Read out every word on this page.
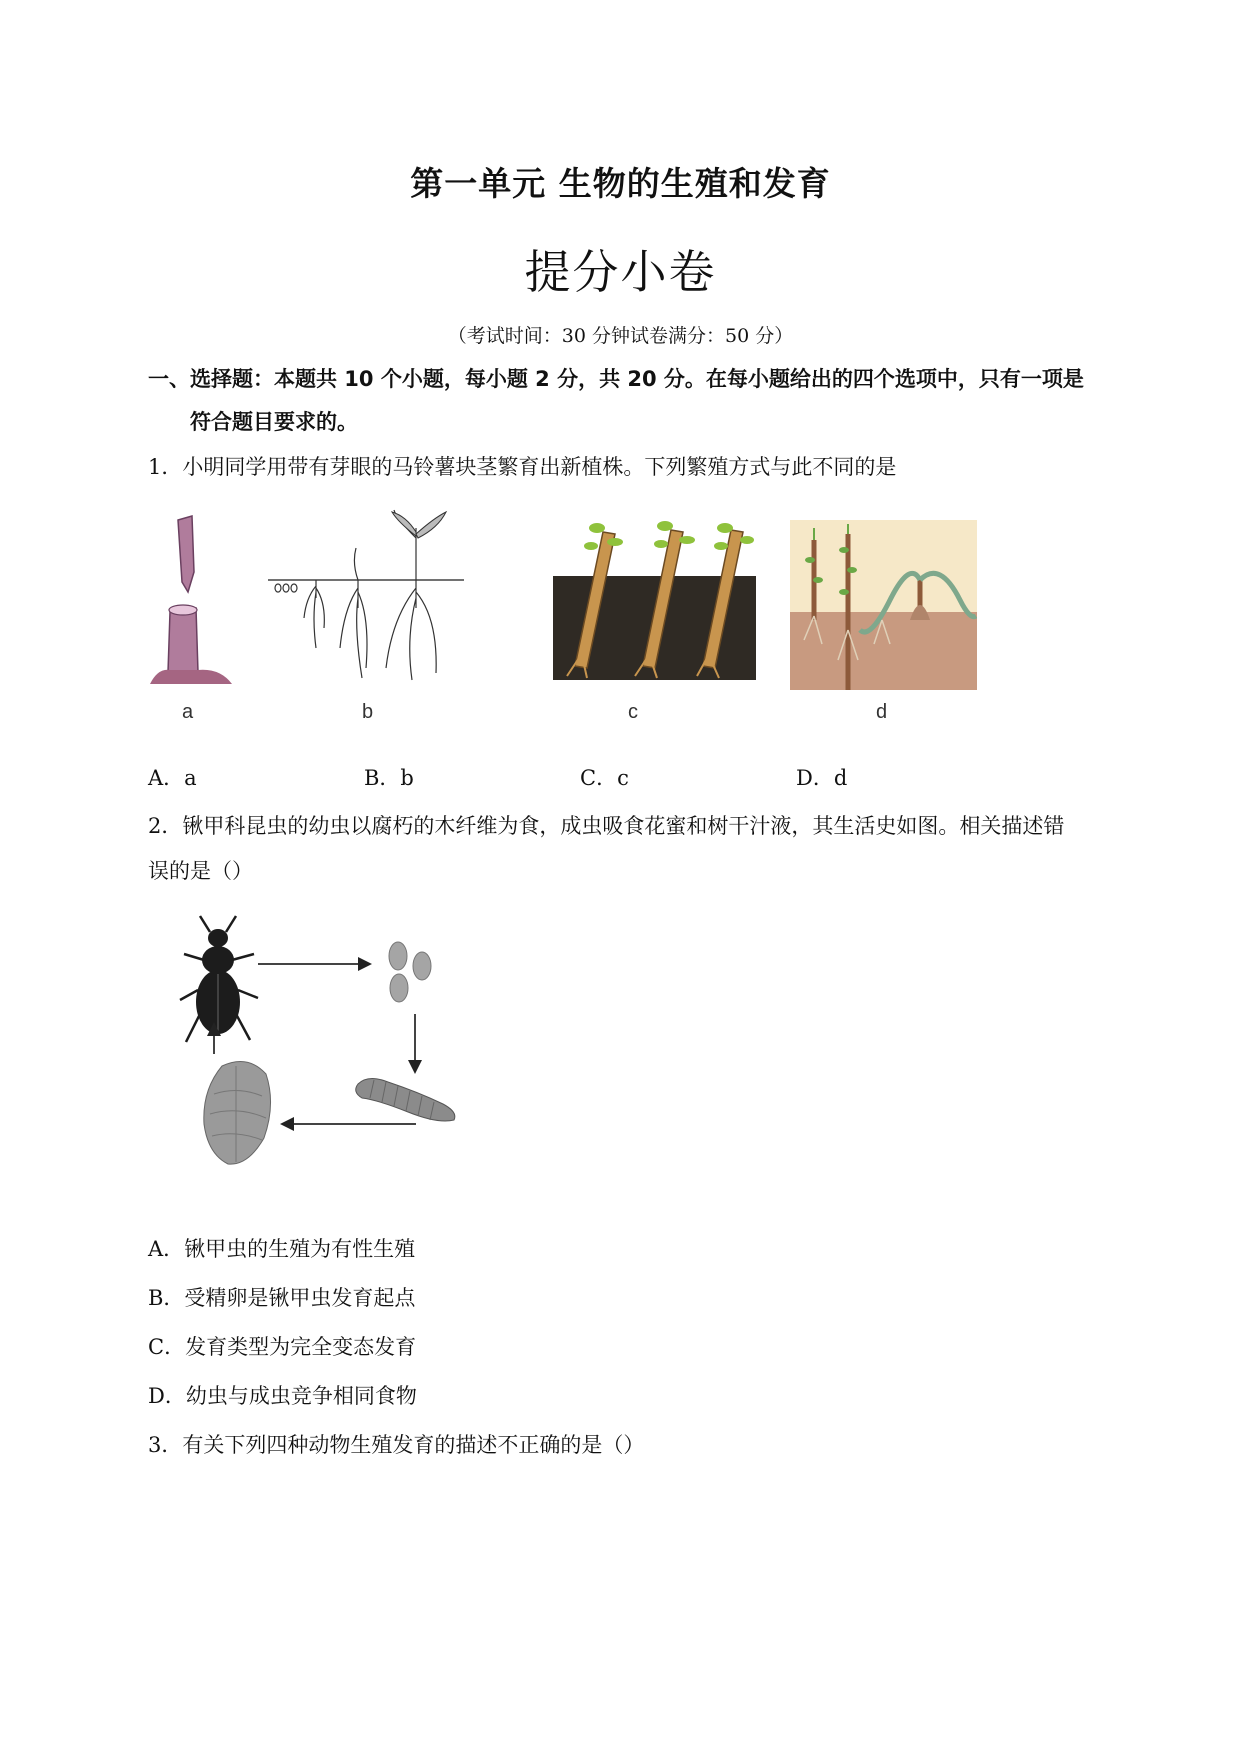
第一单元 生物的生殖和发育
提分小卷
（考试时间：30 分钟试卷满分：50 分）
一、选择题：本题共 10 个小题，每小题 2 分，共 20 分。在每小题给出的四个选项中，只有一项是
符合题目要求的。
1．小明同学用带有芽眼的马铃薯块茎繁育出新植株。下列繁殖方式与此不同的是
a	b	c	d
A．a	B．b	C．c	D．d
2．锹甲科昆虫的幼虫以腐朽的木纤维为食，成虫吸食花蜜和树干汁液，其生活史如图。相关描述错
误的是（）
A．锹甲虫的生殖为有性生殖
B．受精卵是锹甲虫发育起点
C．发育类型为完全变态发育
D．幼虫与成虫竞争相同食物
3．有关下列四种动物生殖发育的描述不正确的是（）
